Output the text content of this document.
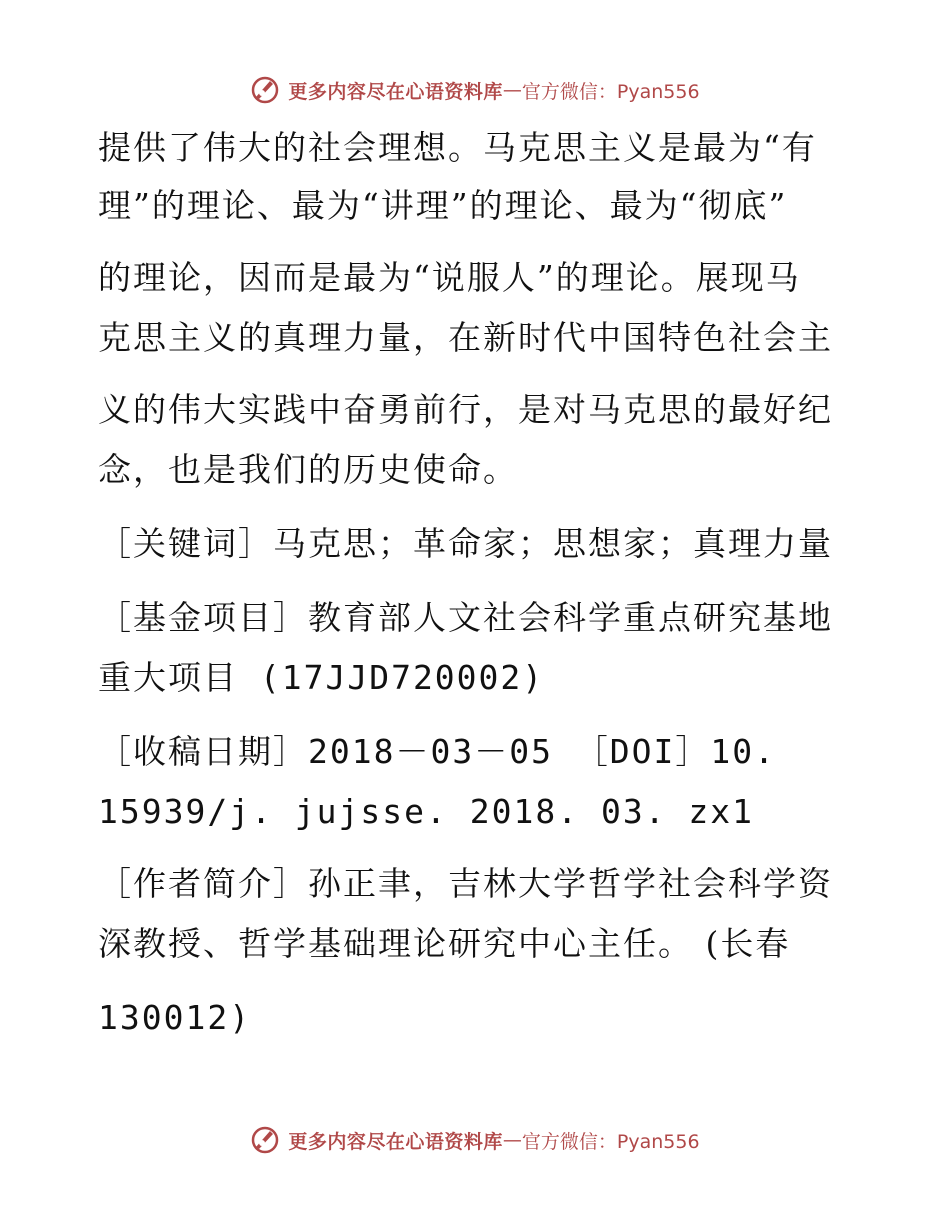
更多内容尽在心语资料库 — 官方微信：Pyan556
提供了伟大的社会理想。马克思主义是最为“有
理”的理论、最为“讲理”的理论、最为“彻底”
的理论，因而是最为“说服人”的理论。展现马
克思主义的真理力量，在新时代中国特色社会主
义的伟大实践中奋勇前行，是对马克思的最好纪
念，也是我们的历史使命。
［关键词］马克思；革命家；思想家；真理力量
［基金项目］教育部人文社会科学重点研究基地
重大项目 (17JJD720002)
［收稿日期］2018－03－05 ［DOI］10.
15939/j. jujsse. 2018. 03. zx1
［作者简介］孙正聿，吉林大学哲学社会科学资
深教授、哲学基础理论研究中心主任。 (长春
130012)
更多内容尽在心语资料库 — 官方微信：Pyan556
